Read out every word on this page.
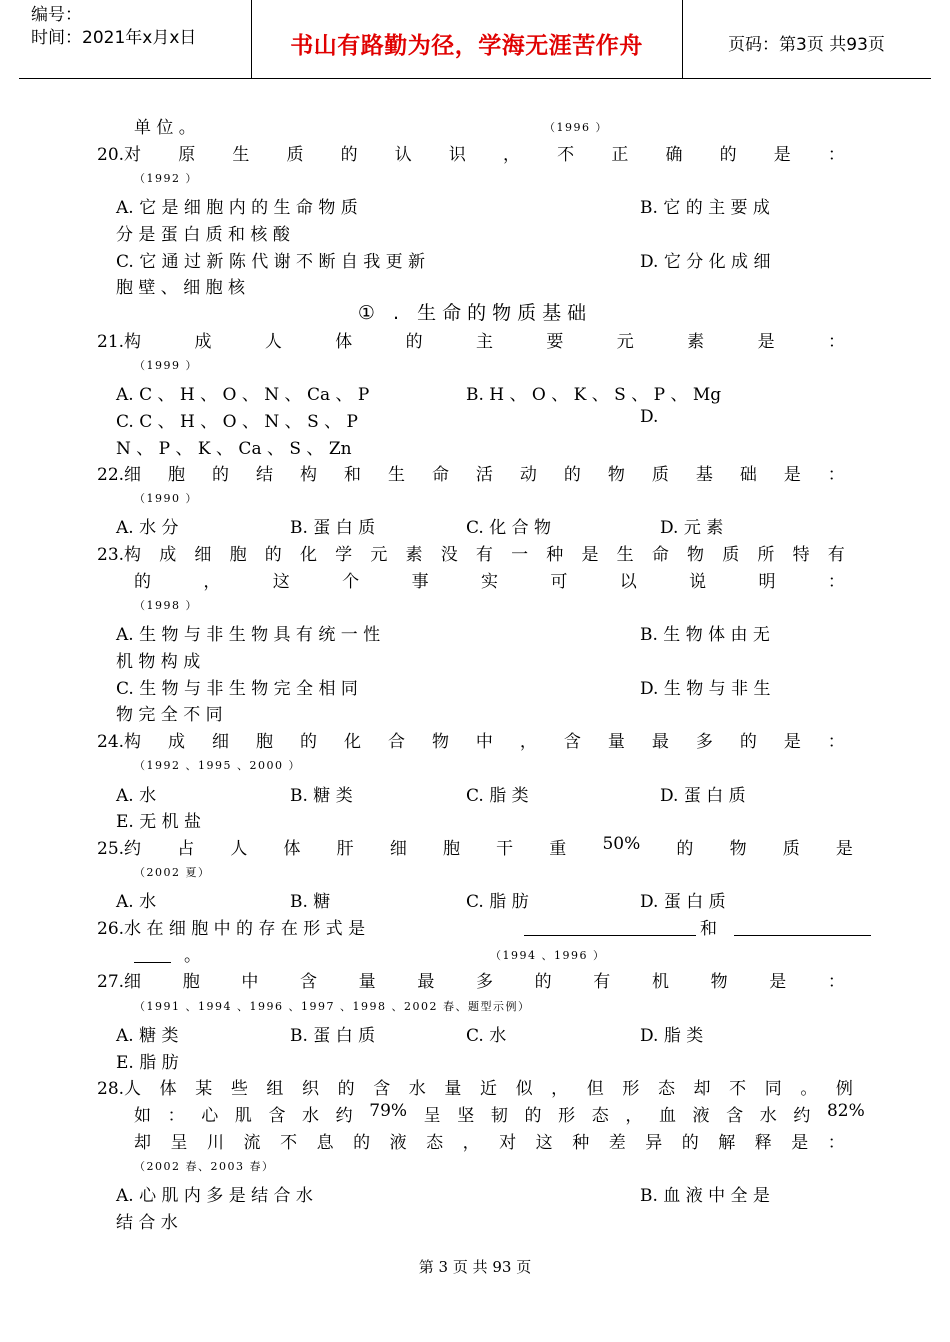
编号：
时间：2021年x月x日	书山有路勤为径，学海无涯苦作舟	页码：第3页 共93页
单 位 。	（1996 ）
20.对 原 生 质 的 认 识 ， 不 正 确 的 是 ：
（1992 ）
A. 它 是 细 胞 内 的 生 命 物 质	B. 它 的 主 要 成
分 是 蛋 白 质 和 核 酸
C. 它 通 过 新 陈 代 谢 不 断 自 我 更 新	D. 它 分 化 成 细
胞 壁 、 细 胞 核
① . 生命的物质基础
21.构	成	人	体	的	主	要	元	素	是	：
（1999 ）
A. C 、 H 、 O 、 N 、 Ca 、 P	B. H 、 O 、 K 、 S 、 P 、 Mg
C. C 、 H 、 O 、 N 、 S 、 P	D.
N 、 P 、 K 、 Ca 、 S 、 Zn
22.细 胞 的 结 构 和 生 命 活 动 的 物 质 基 础 是 ：
（1990 ）
A. 水 分	B. 蛋 白 质	C. 化 合 物	D. 元 素
23.构 成 细 胞 的 化 学 元 素 没 有 一 种 是 生 命 物 质 所 特 有
的	，	这	个	事	实	可	以	说	明	：
（1998 ）
A. 生 物 与 非 生 物 具 有 统 一 性	B. 生 物 体 由 无
机 物 构 成
C. 生 物 与 非 生 物 完 全 相 同	D. 生 物 与 非 生
物 完 全 不 同
24.构 成 细 胞 的 化 合 物 中 ， 含 量 最 多 的 是 ：
（1992 、1995 、2000 ）
A. 水	B. 糖 类	C. 脂 类	D. 蛋 白 质
E. 无 机 盐
25.约 占 人 体 肝 细 胞 干 重 50% 的 物 质 是
（2002 夏）
A. 水	B. 糖	C. 脂 肪	D. 蛋 白 质
26.水 在 细 胞 中 的 存 在 形 式 是	和
。	（1994 、1996 ）
27.细 胞 中 含 量 最 多 的 有 机 物 是 ：
（1991 、1994 、1996 、1997 、1998 、2002 春、题型示例）
A. 糖 类	B. 蛋 白 质	C. 水	D. 脂 类
E. 脂 肪
28.人 体 某 些 组 织 的 含 水 量 近 似 ， 但 形 态 却 不 同 。 例
如 ： 心 肌 含 水 约 79% 呈 坚 韧 的 形 态 ， 血 液 含 水 约 82%
却 呈 川 流 不 息 的 液 态 ， 对 这 种 差 异 的 解 释 是 ：
（2002 春、2003 春）
A. 心 肌 内 多 是 结 合 水	B. 血 液 中 全 是
结 合 水
第 3 页 共 93 页
